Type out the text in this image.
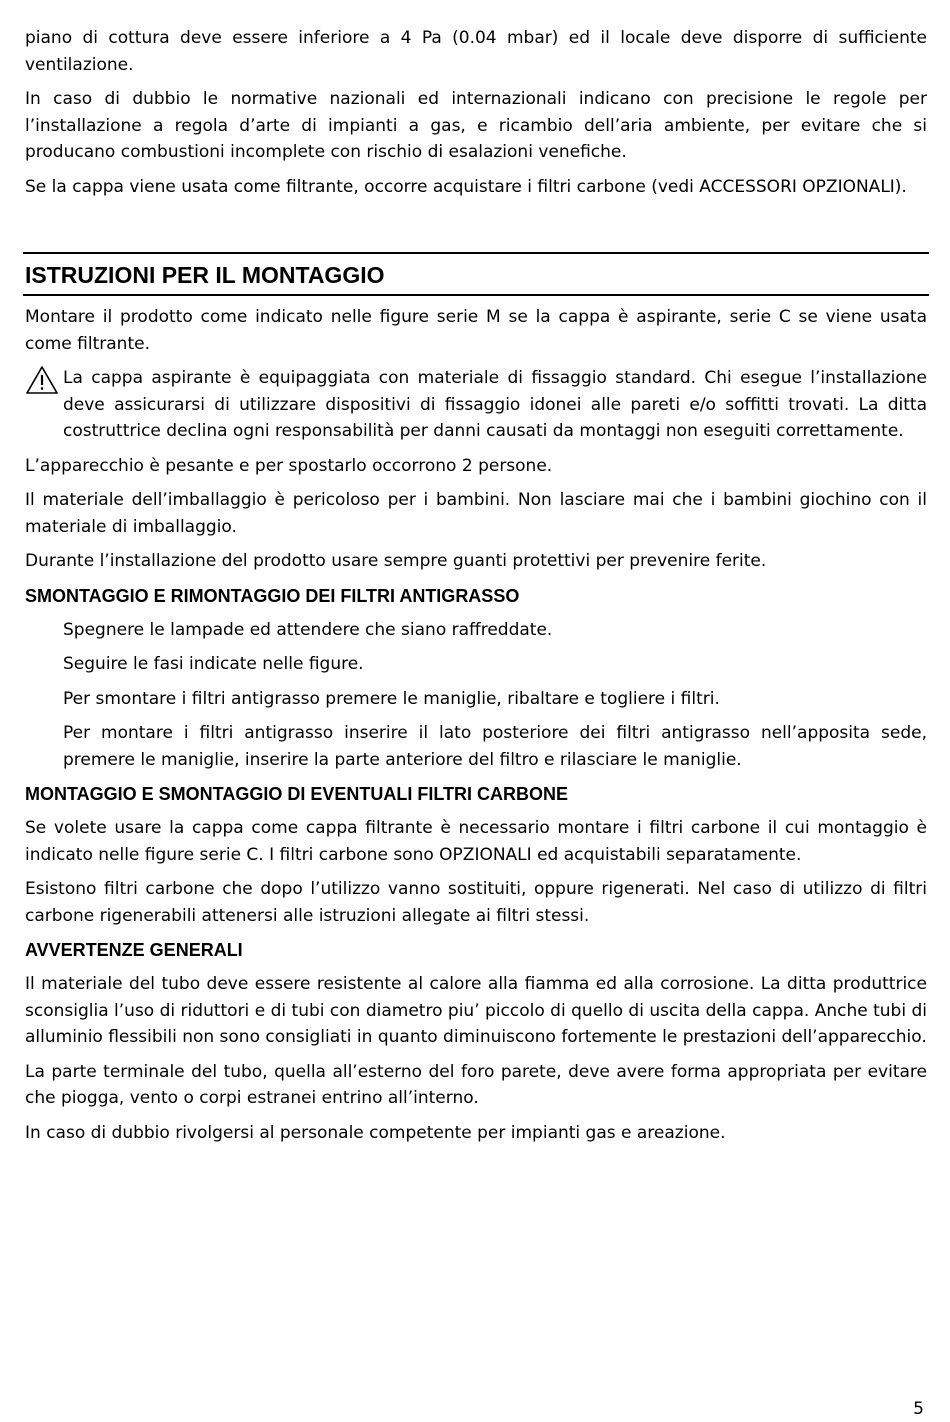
piano di cottura deve essere inferiore a 4 Pa (0.04 mbar) ed il locale deve disporre di sufficiente ventilazione.

In caso di dubbio le normative nazionali ed internazionali indicano con precisione le regole per l’installazione a regola d’arte di impianti a gas, e ricambio dell’aria ambiente, per evitare che si producano combustioni incomplete con rischio di esalazioni venefiche.

Se la cappa viene usata come filtrante, occorre acquistare i filtri carbone (vedi ACCESSORI OPZIONALI).

ISTRUZIONI PER IL MONTAGGIO

Montare il prodotto come indicato nelle figure serie M se la cappa è aspirante, serie C se viene usata come filtrante.

La cappa aspirante è equipaggiata con materiale di fissaggio standard. Chi esegue l’installazione deve assicurarsi di utilizzare dispositivi di fissaggio idonei alle pareti e/o soffitti trovati. La ditta costruttrice declina ogni responsabilità per danni causati da montaggi non eseguiti correttamente.

L’apparecchio è pesante e per spostarlo occorrono 2 persone.

Il materiale dell’imballaggio è pericoloso per i bambini. Non lasciare mai che i bambini giochino con il materiale di imballaggio.

Durante l’installazione del prodotto usare sempre guanti protettivi per prevenire ferite.

SMONTAGGIO E RIMONTAGGIO DEI FILTRI ANTIGRASSO

Spegnere le lampade ed attendere che siano raffreddate.

Seguire le fasi indicate nelle figure.

Per smontare i filtri antigrasso premere le maniglie, ribaltare e togliere i filtri.

Per montare i filtri antigrasso inserire il lato posteriore dei filtri antigrasso nell’apposita sede, premere le maniglie, inserire la parte anteriore del filtro e rilasciare le maniglie.

MONTAGGIO E SMONTAGGIO DI EVENTUALI FILTRI CARBONE

Se volete usare la cappa come cappa filtrante è necessario montare i filtri carbone il cui montaggio è indicato nelle figure serie C. I filtri carbone sono OPZIONALI ed acquistabili separatamente.

Esistono filtri carbone che dopo l’utilizzo vanno sostituiti, oppure rigenerati. Nel caso di utilizzo di filtri carbone rigenerabili attenersi alle istruzioni allegate ai filtri stessi.

AVVERTENZE GENERALI

Il materiale del tubo deve essere resistente al calore alla fiamma ed alla corrosione. La ditta produttrice sconsiglia l’uso di riduttori e di tubi con diametro piu’ piccolo di quello di uscita della cappa. Anche tubi di alluminio flessibili non sono consigliati in quanto diminuiscono fortemente le prestazioni dell’apparecchio.

La parte terminale del tubo, quella all’esterno del foro parete, deve avere forma appropriata per evitare che piogga, vento o corpi estranei entrino all’interno.

In caso di dubbio rivolgersi al personale competente per impianti gas e areazione.

5
